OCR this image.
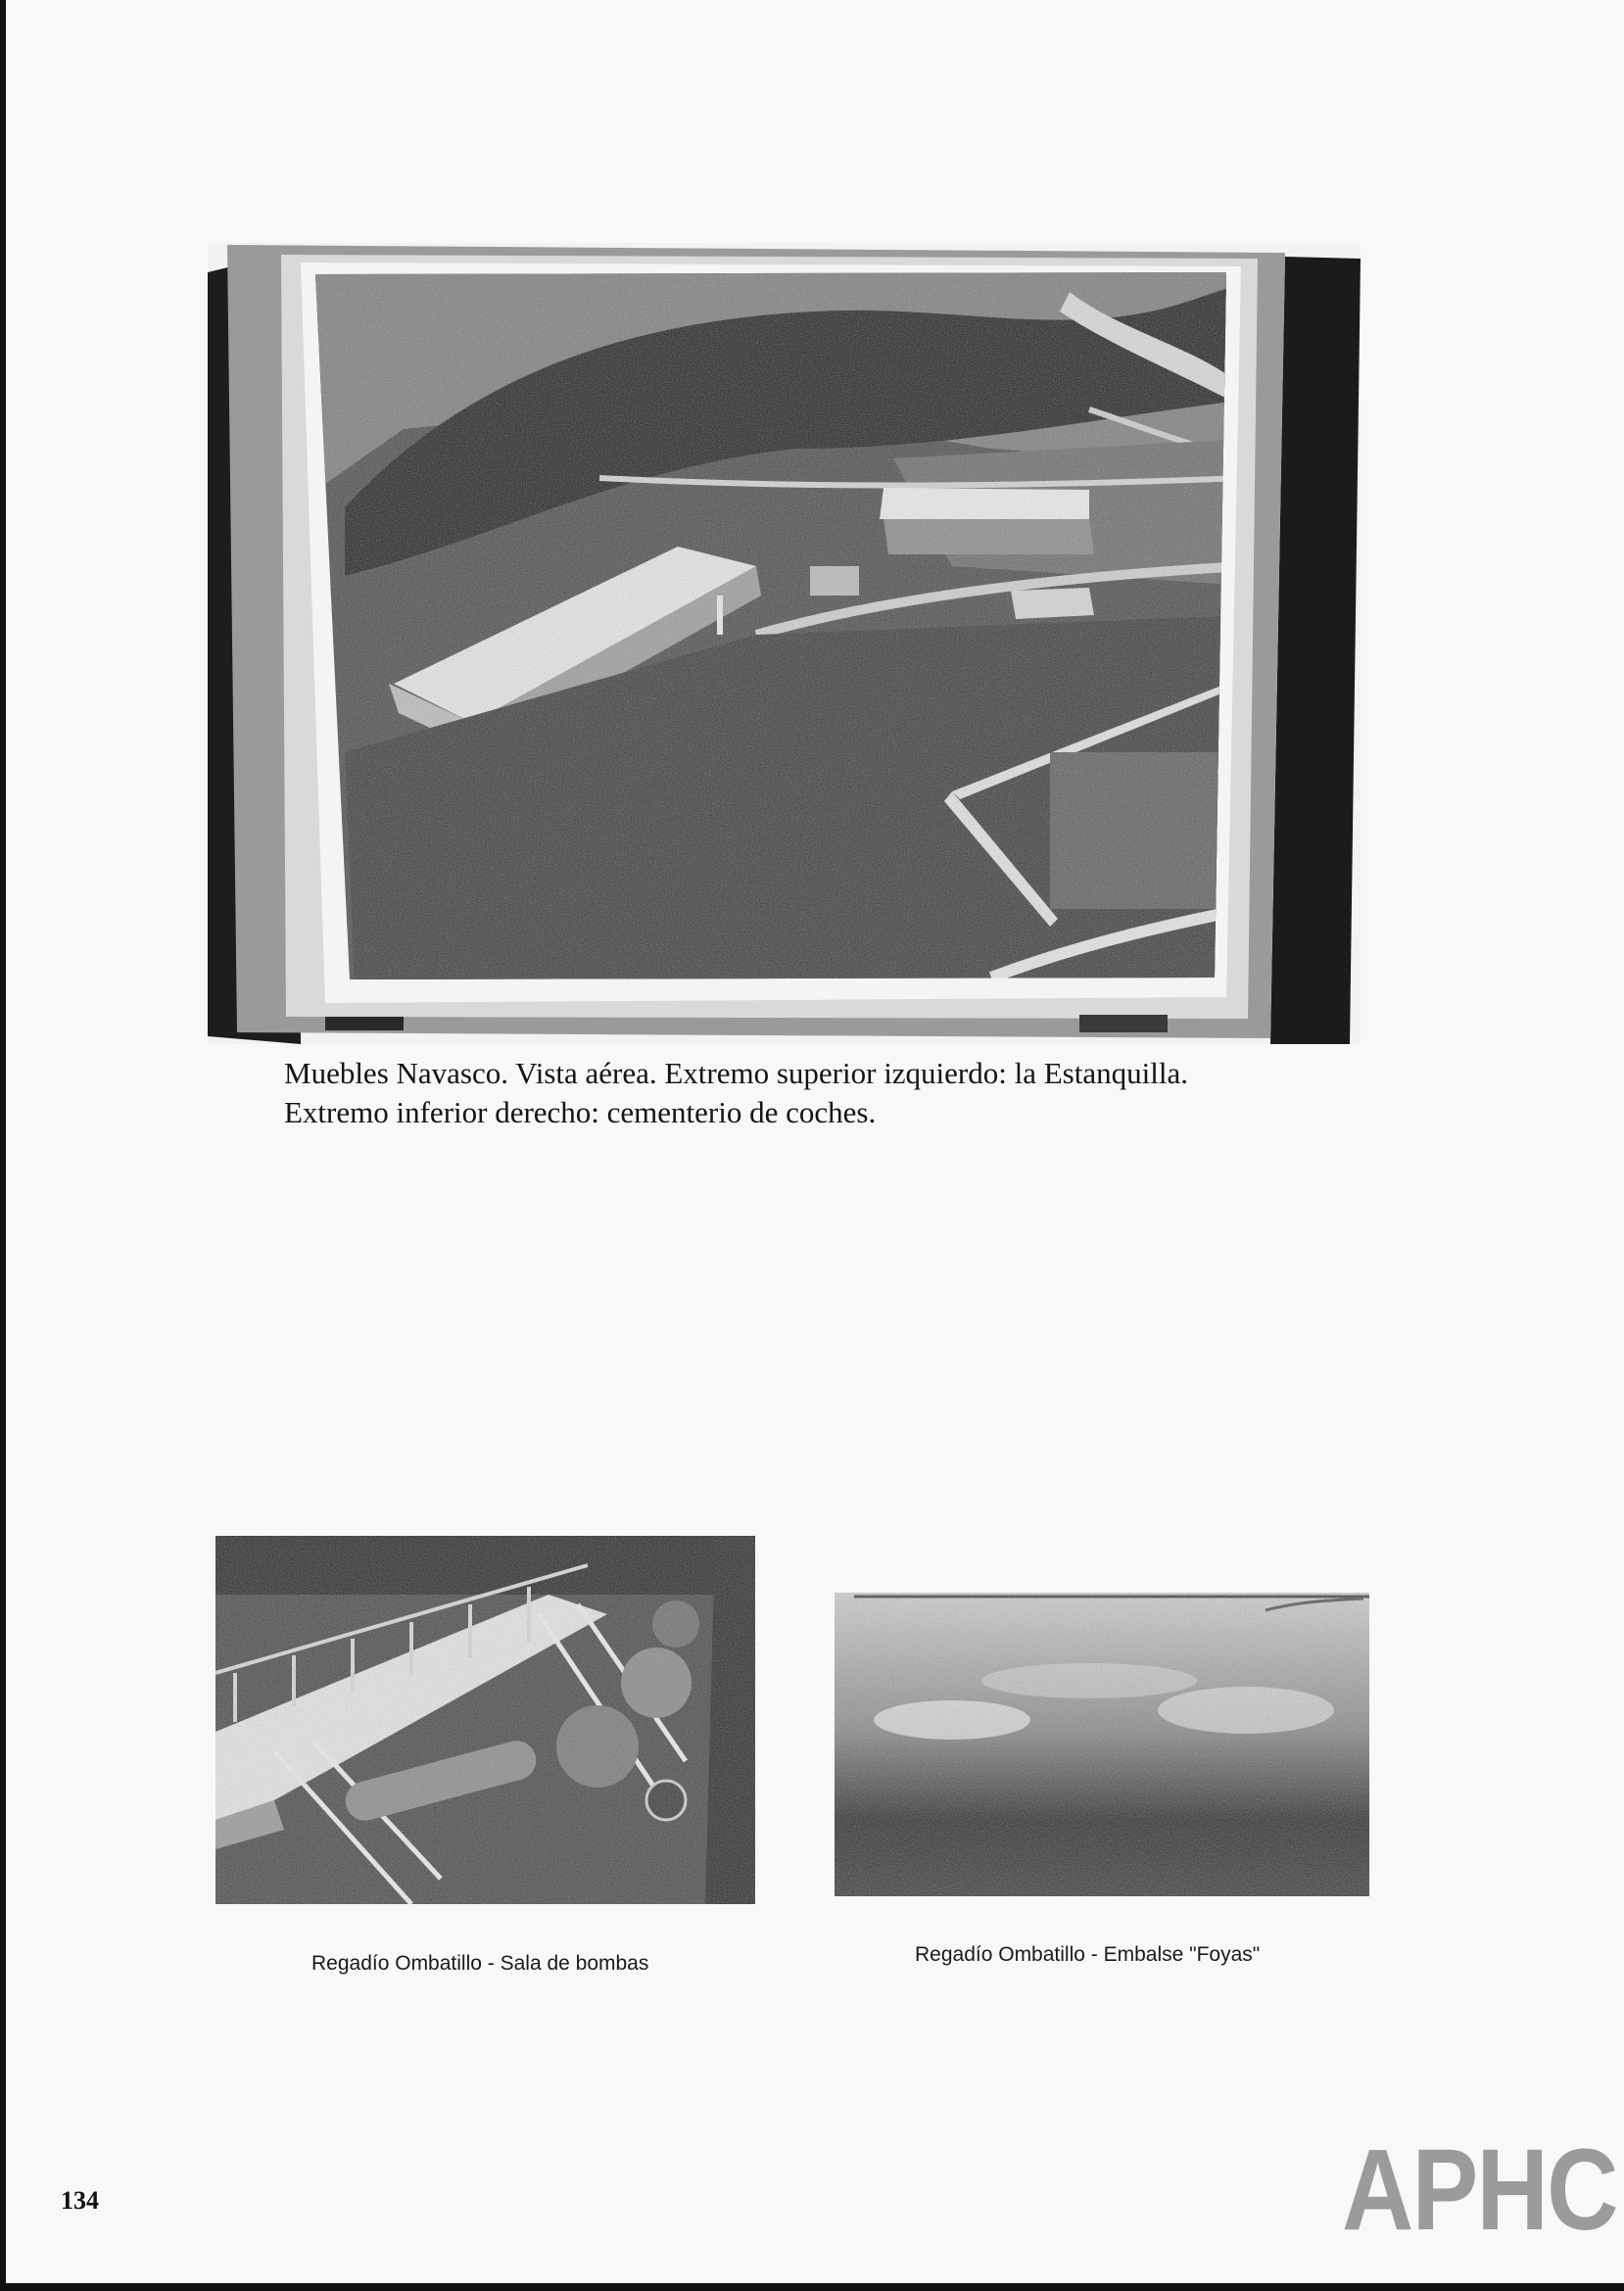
Muebles Navasco. Vista aérea. Extremo superior izquierdo: la Estanquilla.
Extremo inferior derecho: cementerio de coches.
Regadío Ombatillo - Sala de bombas	Regadío Ombatillo - Embalse "Foyas"
134	APHC
